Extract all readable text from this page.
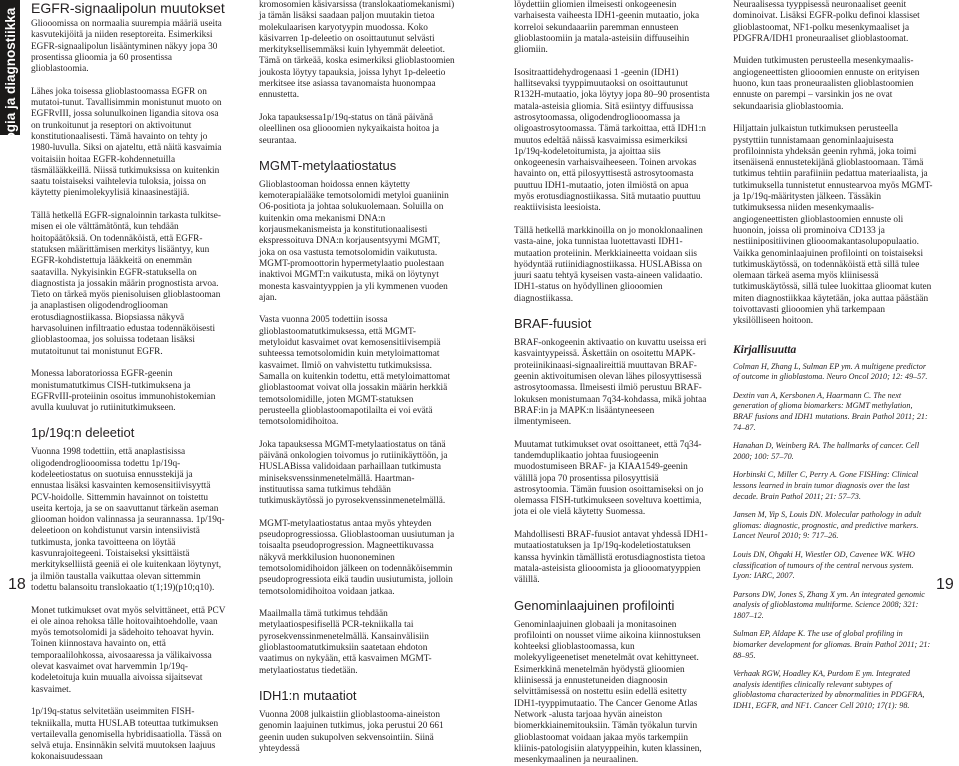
Epidemiologia ja diagnostiikka EGFR-signaalipolun muutokset

Gliooomissa on normaalia suurempia määriä useita kasvutekijöitä ja niiden reseptoreita. Esimerkiksi EGFR-signaalipolun lisääntyminen näkyy jopa 30 prosentissa glioomia ja 60 prosentissa glioblastoomia.

Lähes joka toisessa glioblastoomassa EGFR on mutatoi-tunut. Tavallisimmin monistunut muoto on EGFRvIII, jossa solunulkoinen ligandia sitova osa on trunkoitunut ja reseptori on aktivoitunut konstitutionaalisesti. Tämä havainto on tehty jo 1980-luvulla. Siksi on ajateltu, että näitä kasvaimia voitaisiin hoitaa EGFR-kohdennetuilla täsmälääkkeillä. Niissä tutkimuksissa on kuitenkin saatu toistaiseksi vaihtelevia tuloksia, joissa on käytetty pienimolekyylisiä kinaasinestäjiä.

Tällä hetkellä EGFR-signaloinnin tarkasta tulkitse-misen ei ole välttämätöntä, kun tehdään hoitopäätöksiä. On todennäköistä, että EGFR-statuksen määrittämisen merkitys lisääntyy, kun EGFR-kohdistettuja lääkkeitä on enemmän saatavilla. Nykyisinkin EGFR-statuksella on diagnostista ja jossakin määrin prognostista arvoa. Tieto on tärkeä myös pienisoluisen glioblastooman ja anaplastisen oligodendrogliooman erotusdiagnostiikassa. Biopsiassa näkyvä harvasoluinen infiltraatio edustaa todennäköisesti glioblastoomaa, jos soluissa todetaan lisäksi mutatoitunut tai monistunut EGFR.

Monessa laboratoriossa EGFR-geenin monistumatutkimus CISH-tutkimuksena ja EGFRvIII-proteiinin osoitus immunohistokemian avulla kuuluvat jo rutiinitutkimukseen.

1p/19q:n deleetiot

Vuonna 1998 todettiin, että anaplastisissa oligodendrogliooomissa todettu 1p/19q-kodeleetiostatus on suotuisa ennusstekijä ja ennustaa lisäksi kasvainten kemosensitiivisyyttä PCV-hoidolle. Sittemmin havainnot on toistettu useita kertoja, ja se on saavuttanut tärkeän aseman gliooman hoidon valinnassa ja seurannassa. 1p/19q-deleetioon on kohdistunut varsin intensiivistä tutkimusta, jonka tavoitteena on löytää kasvunrajoitegeeni. Toistaiseksi yksittäistä merkitykselliistä geeniä ei ole kuitenkaan löytynyt, ja ilmiön taustalla vaikuttaa olevan sittemmin todettu balansoitu translokaatio t(1;19)(p10;q10).

Monet tutkimukset ovat myös selvittäneet, että PCV ei ole ainoa rehoksa tälle hoitovaihtoehdolle, vaan myös temotsolomidi ja sädehoito tehoavat hyvin. Toinen kiinnostava havainto on, että temporaalilohkossa, aivosaaressa ja välikaivossa olevat kasvaimet ovat harvemmin 1p/19q-kodeletoituja kuin muualla aivoissa sijaitsevat kasvaimet.

1p/19q-status selvitetään useimmiten FISH-tekniikalla, mutta HUSLAB toteuttaa tutkimuksen vertailevalla genomisella hybridisaatiolla. Tässä on selvä etuja. Ensinnäkin selvitä muutoksen laajuus kokonaisuudessaan

kromosomien käsivarsissa (translokaatiomekanismi) ja tämän lisäksi saadaan paljon muutakin tietoa molekulaarisen karyotyypin muodossa. Koko käsivarren 1p-deleetio on osoittautunut selvästi merkityksellisemmäksi kuin lyhyemmät deleetiot. Tämä on tärkeää, koska esimerkiksi glioblastoomien joukosta löytyy tapauksia, joissa lyhyt 1p-deleetio merkitsee itse asiassa tavanomaista huonompaa ennustetta.

Joka tapauksessa1p/19q-status on tänä päivänä oleellinen osa gliooomien nykyaikaista hoitoa ja seurantaa.

MGMT-metylaatiostatus

Glioblastooman hoidossa ennen käytetty kemoterapialääke temotsolomidi metyloi guaniinin O6-positiota ja johtaa solukuolemaan. Soluilla on kuitenkin oma mekanismi DNA:n korjausmekanismeista ja konstitutionaalisesti ekspressoituva DNA:n korjausentsyymi MGMT, joka on osa vastusta temotsolomidin vaikutusta. MGMT-promoottorin hypermetylaatio puolestaan inaktivoi MGMT:n vaikutusta, mikä on löytynyt monesta kasvaintyyppien ja yli kymmenen vuoden ajan.

Vasta vuonna 2005 todettiin isossa glioblastoomatutkimuksessa, että MGMT-metyloidut kasvaimet ovat kemosensitiivisempiä suhteessa temotsolomidin kuin metyloimattomat kasvaimet. Ilmiö on vahvistettu tutkimuksissa. Samalla on kuitenkin todettu, että metyloimattomat glioblastoomat voivat olla jossakin määrin herkkiä temotsolomidille, joten MGMT-statuksen perusteella glioblastoomapotilailta ei voi evätä temotsolomidihoitoa.

Joka tapauksessa MGMT-metylaatiostatus on tänä päivänä onkologien toivomus jo rutiinikäyttöön, ja HUSLABissa validoidaan parhaillaan tutkimusta miniseksvenssinmenetelmällä. Haartman-instituutissa sama tutkimus tehdään tutkimuskäytössä jo pyrosekvenssinmenetelmällä.

MGMT-metylaatiostatus antaa myös yhteyden pseudoprogressiossa. Glioblastooman uusiutuman ja toisaalta pseudoprogression. Magneettikuvassa näkyvä merkkilusion huononeminen temotsolomidihoidon jälkeen on todennäköisemmin pseudoprogressiota eikä taudin uusiutumista, jolloin temotsolomidihoitoa voidaan jatkaa.

Maailmalla tämä tutkimus tehdään metylaatiospesifisellä PCR-tekniikalla tai pyrosekvenssinmenetelmällä. Kansainvälisiin glioblastoomatutkimuksiin saatetaan ehdoton vaatimus on nykyään, että kasvaimen MGMT-metylaatiostatus tiedetään.

IDH1:n mutaatiot

Vuonna 2008 julkaistiin glioblastooma-aineiston genomin laajuinen tutkimus, joka perustui 20 661 geenin uuden sukupolven sekvensointiin. Siinä yhteydessä

löydettiin gliomien ilmeisesti onkogeenesin varhaisesta vaiheesta IDH1-geenin mutaatio, joka korreloi sekundaaariin paremman ennusteen glioblastoomiin ja matala-asteisiin diffuuseihin gliomiin.

Isositraattidehydrogenaasi 1 -geenin (IDH1) hallitsevaksi tyyppimuutaoksi on osoittautunut R132H-mutaatio, joka löytyy jopa 80–90 prosentista matala-asteisia gliomia. Sitä esiintyy diffuusissa astrosytoomassa, oligodendrogliooomassa ja oligoastrosytoomassa. Tämä tarkoittaa, että IDH1:n muutos edeltää näissä kasvaimissa esimerkiksi 1p/19q-kodeletoitumista, ja ajoittaa siis onkogeenesin varhaisvaiheeseen. Toinen arvokas havainto on, että pilosyyttisestä astrosytoomasta puuttuu IDH1-mutaatio, joten ilmiöstä on apua myös erotusdiagnostiikassa. Sitä mutaatio puuttuu reaktiivisista leesioista.

Tällä hetkellä markkinoilla on jo monoklonaalinen vasta-aine, joka tunnistaa luotettavasti IDH1-mutaation proteiinin. Merkkiaineetta voidaan siis hyödyntää rutiinidiagnostiikassa. HUSLABissa on juuri saatu tehtyä kyseisen vasta-aineen validaatio. IDH1-status on hyödyllinen gliooomien diagnostiikassa.

BRAF-fuusiot

BRAF-onkogeenin aktivaatio on kuvattu useissa eri kasvaintyypeissä. Äskettäin on osoitettu MAPK-proteiinikinaasi-signaalireittiä muuttavan BRAF-geenin aktivoitumisen olevan lähes pilosyyttisessä astrosytoomassa. Ilmeisesti ilmiö perustuu BRAF-lokuksen monistumaan 7q34-kohdassa, mikä johtaa BRAF:in ja MAPK:n lisääntyneeseen ilmentymiseen.

Muutamat tutkimukset ovat osoittaneet, että 7q34-tandemduplikaatio johtaa fuusiogeenin muodostumiseen BRAF- ja KIAA1549-geenin välillä jopa 70 prosentissa pilosyyttisiä astrosytoomia. Tämän fuusion osoittamiseksi on jo olemassa FISH-tutkimukseen soveltuva koettimia, jota ei ole vielä käytetty Suomessa.

Mahdollisesti BRAF-fuusiot antavat yhdessä IDH1-mutaatiostatuksen ja 1p/19q-kodeletiostatuksen kanssa hyvinkin tämällistä erotusdiagnostista tietoa matala-asteisista gliooomista ja gliooomatyyppien välillä.

Genominlaajuinen profilointi

Genominlaajuinen globaali ja monitasoinen profilointi on nousset viime aikoina kiinnostuksen kohteeksi glioblastoomassa, kun molekyyligeenetiset menetelmät ovat kehittyneet. Esimerkkinä menetelmän hyödystä glioomien kliinisessä ja ennustetuneiden diagnoosin selvittämisessä on nostettu esiin edellä esitetty IDH1-tyyppimutaatio. The Cancer Genome Atlas Network -alusta tarjoaa hyvän aineiston biomerkkiainemitouksiin. Tämän työkalun turvin glioblastoomat voidaan jakaa myös tarkempiin kliinis-patologisiin alatyyppeihin, kuten klassinen, mesenkymaalinen ja neuraalinen.

Neuraalisessa tyyppisessä neuronaaliset geenit dominoivat. Lisäksi EGFR-polku definoi klassiset glioblastoomat, NF1-polku mesenkymaaliset ja PDGFRA/IDH1 proneuraaliset glioblastoomat.

Muiden tutkimusten perusteella mesenkymaalis-angiogeneettisten gliooomien ennuste on erityisen huono, kun taas proneuraalisten glioblastoomien ennuste on parempi – varsinkin jos ne ovat sekundaarisia glioblastoomia.

Hiljattain julkaistun tutkimuksen perusteella pystyttiin tunnistamaan genominlaajuisesta profiloinnista yhdeksän geenin ryhmä, joka toimi itsenäisenä ennustetekijänä glioblastoomaan. Tämä tutkimus tehtiin parafiiniin pedattua materiaalista, ja tutkimuksella tunnistetut ennustearvoa myös MGMT- ja 1p/19q-määritysten jälkeen. Tässäkin tutkimuksessa niiden mesenkymaalis-angiogeneettisten glioblastoomien ennuste oli huonoin, joissa oli prominoiva CD133 ja nestiinipositiivinen gliooomakantasolupopulaatio. Vaikka genominlaajuinen profilointi on toistaiseksi tutkimuskäytössä, on todennäköistä että sillä tulee olemaan tärkeä asema myös kliinisessä tutkimuskäytössä, sillä tulee luokittaa glioomat kuten miten diagnostiikkaa käytetään, joka auttaa päästään toivottavasti gliooomien yhä tarkempaan yksilölliseen hoitoon.

Kirjallisuutta

Colman H, Zhang L, Sulman EP ym. A multigene predictor of outcome in glioblastoma. Neuro Oncol 2010; 12: 49–57.

Dextin van A, Kersbonen A, Haarmann C. The next generation of glioma biomarkers: MGMT methylation, BRAF fusions and IDH1 mutations. Brain Pathol 2011; 21: 74–87.

Hanahan D, Weinberg RA. The hallmarks of cancer. Cell 2000; 100: 57–70.

Horbinski C, Miller C, Perry A. Gone FISHing: Clinical lessons learned in brain tumor diagnosis over the last decade. Brain Pathol 2011; 21: 57–73.

Jansen M, Yip S, Louis DN. Molecular pathology in adult gliomas: diagnostic, prognostic, and predictive markers. Lancet Neurol 2010; 9: 717–26.

Louis DN, Ohgaki H, Wiestler OD, Cavenee WK. WHO classification of tumours of the central nervous system. Lyon: IARC, 2007.

Parsons DW, Jones S, Zhang X ym. An integrated genomic analysis of glioblastoma multiforme. Science 2008; 321: 1807–12.

Sulman EP, Aldape K. The use of global profiling in biomarker development for gliomas. Brain Pathol 2011; 21: 88–95.

Verhaak RGW, Hoadley KA, Purdom E ym. Integrated analysis identifies clinically relevant subtypes of glioblastoma characterized by abnormalities in PDGFRA, IDH1, EGFR, and NF1. Cancer Cell 2010; 17(1): 98.

18	19
